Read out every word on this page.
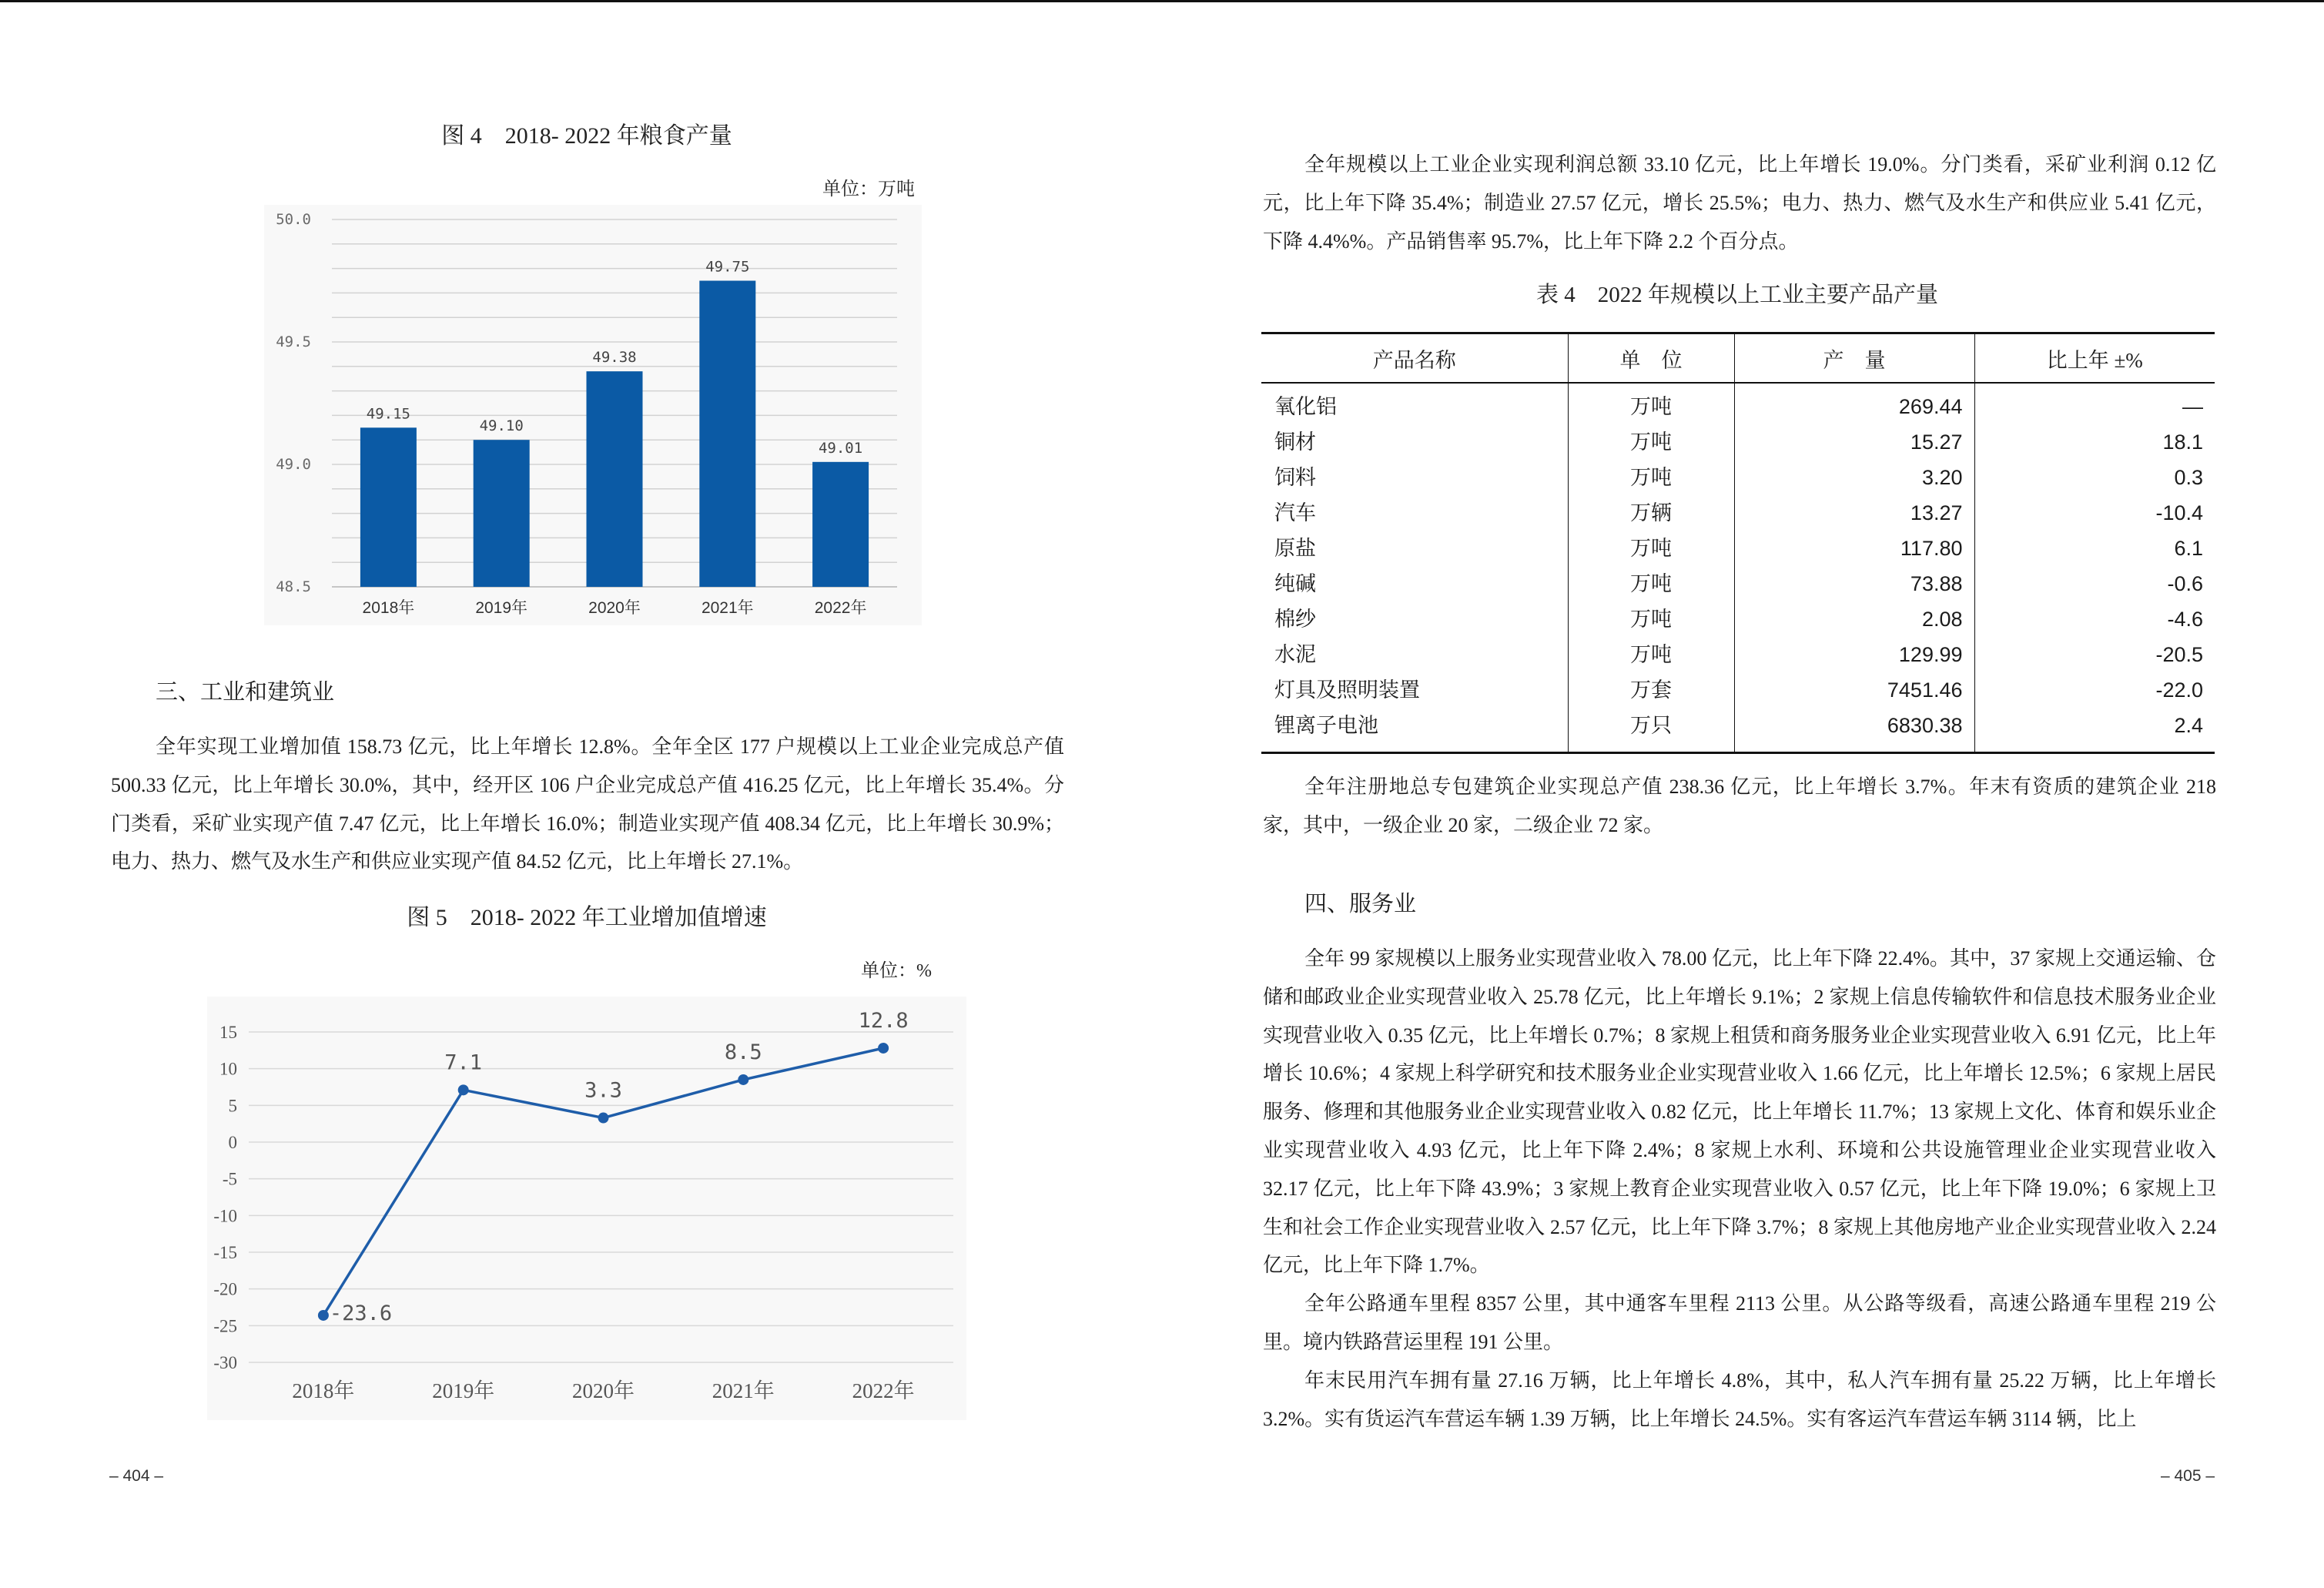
图 4　2018- 2022 年粮食产量
单位：万吨
50.0
49.5
49.0
48.5
49.15
2018年
49.10
2019年
49.38
2020年
49.75
2021年
49.01
2022年
三、工业和建筑业

全年实现工业增加值 158.73 亿元，比上年增长 12.8%。全年全区 177 户规模以上工业企业完成总产值 500.33 亿元，比上年增长 30.0%，其中，经开区 106 户企业完成总产值 416.25 亿元，比上年增长 35.4%。分门类看，采矿业实现产值 7.47 亿元，比上年增长 16.0%；制造业实现产值 408.34 亿元，比上年增长 30.9%；电力、热力、燃气及水生产和供应业实现产值 84.52 亿元，比上年增长 27.1%。

图 5　2018- 2022 年工业增加值增速
单位：%
15
10
5
0
-5
-10
-15
-20
-25
-30
-23.6
2018年
7.1
2019年
3.3
2020年
8.5
2021年
12.8
2022年
– 404 –

全年规模以上工业企业实现利润总额 33.10 亿元，比上年增长 19.0%。分门类看，采矿业利润 0.12 亿元，比上年下降 35.4%；制造业 27.57 亿元，增长 25.5%；电力、热力、燃气及水生产和供应业 5.41 亿元，下降 4.4%%。产品销售率 95.7%，比上年下降 2.2 个百分点。

表 4　2022 年规模以上工业主要产品产量
产品名称	单　位	产　量	比上年 ±%
氧化铝	万吨	269.44	—
铜材	万吨	15.27	18.1
饲料	万吨	3.20	0.3
汽车	万辆	13.27	-10.4
原盐	万吨	117.80	6.1
纯碱	万吨	73.88	-0.6
棉纱	万吨	2.08	-4.6
水泥	万吨	129.99	-20.5
灯具及照明装置	万套	7451.46	-22.0
锂离子电池	万只	6830.38	2.4

全年注册地总专包建筑企业实现总产值 238.36 亿元，比上年增长 3.7%。年末有资质的建筑企业 218 家，其中，一级企业 20 家，二级企业 72 家。

四、服务业

全年 99 家规模以上服务业实现营业收入 78.00 亿元，比上年下降 22.4%。其中，37 家规上交通运输、仓储和邮政业企业实现营业收入 25.78 亿元，比上年增长 9.1%；2 家规上信息传输软件和信息技术服务业企业实现营业收入 0.35 亿元，比上年增长 0.7%；8 家规上租赁和商务服务业企业实现营业收入 6.91 亿元，比上年增长 10.6%；4 家规上科学研究和技术服务业企业实现营业收入 1.66 亿元，比上年增长 12.5%；6 家规上居民服务、修理和其他服务业企业实现营业收入 0.82 亿元，比上年增长 11.7%；13 家规上文化、体育和娱乐业企业实现营业收入 4.93 亿元，比上年下降 2.4%；8 家规上水利、环境和公共设施管理业企业实现营业收入 32.17 亿元，比上年下降 43.9%；3 家规上教育企业实现营业收入 0.57 亿元，比上年下降 19.0%；6 家规上卫生和社会工作企业实现营业收入 2.57 亿元，比上年下降 3.7%；8 家规上其他房地产业企业实现营业收入 2.24 亿元，比上年下降 1.7%。

全年公路通车里程 8357 公里，其中通客车里程 2113 公里。从公路等级看，高速公路通车里程 219 公里。境内铁路营运里程 191 公里。

年末民用汽车拥有量 27.16 万辆，比上年增长 4.8%，其中，私人汽车拥有量 25.22 万辆，比上年增长 3.2%。实有货运汽车营运车辆 1.39 万辆，比上年增长 24.5%。实有客运汽车营运车辆 3114 辆，比上

– 405 –
